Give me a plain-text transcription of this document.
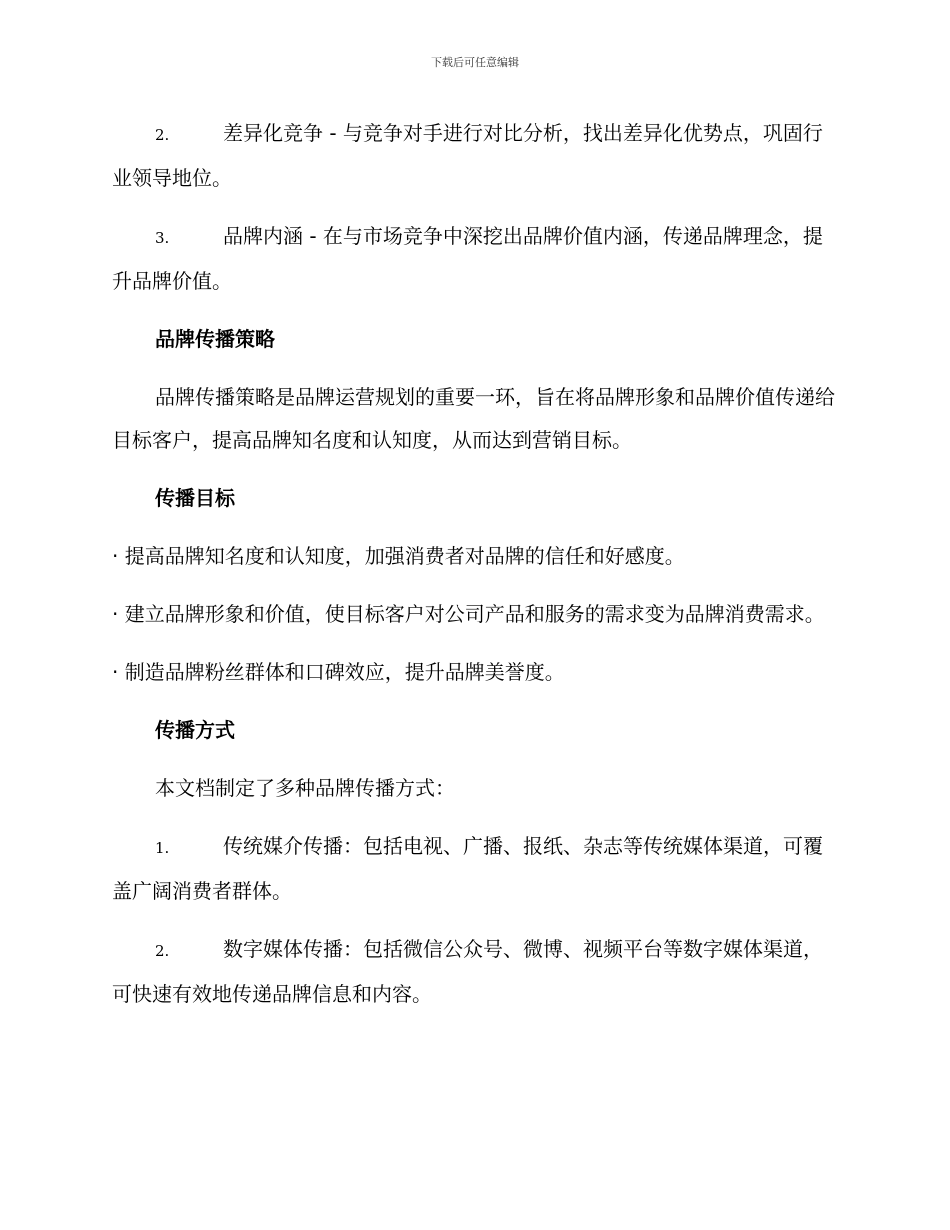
下载后可任意编辑

2.	差异化竞争 - 与竞争对手进行对比分析，找出差异化优势点，巩固行业领导地位。

3.	品牌内涵 - 在与市场竞争中深挖出品牌价值内涵，传递品牌理念，提升品牌价值。

品牌传播策略

品牌传播策略是品牌运营规划的重要一环，旨在将品牌形象和品牌价值传递给目标客户，提高品牌知名度和认知度，从而达到营销目标。

传播目标

· 提高品牌知名度和认知度，加强消费者对品牌的信任和好感度。

· 建立品牌形象和价值，使目标客户对公司产品和服务的需求变为品牌消费需求。

· 制造品牌粉丝群体和口碑效应，提升品牌美誉度。

传播方式

本文档制定了多种品牌传播方式：

1.	传统媒介传播：包括电视、广播、报纸、杂志等传统媒体渠道，可覆盖广阔消费者群体。

2.	数字媒体传播：包括微信公众号、微博、视频平台等数字媒体渠道，可快速有效地传递品牌信息和内容。
